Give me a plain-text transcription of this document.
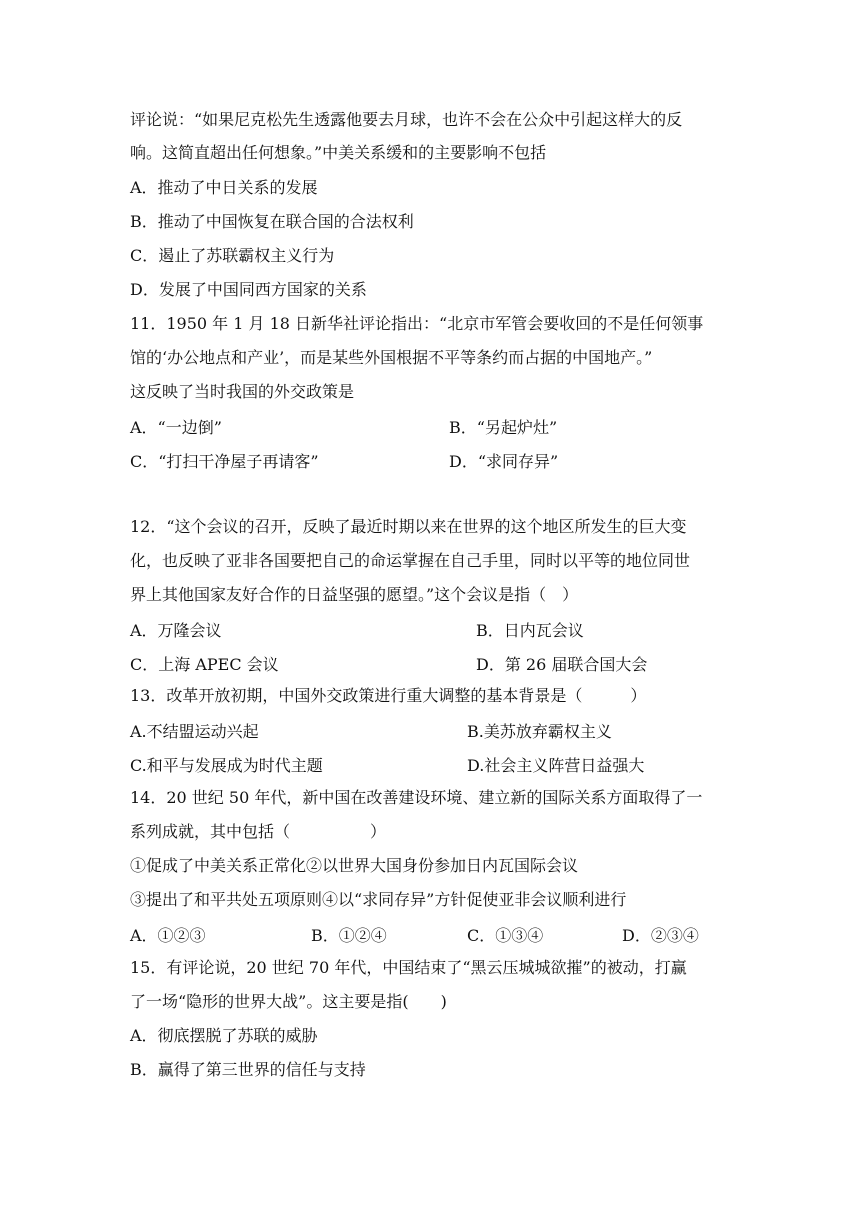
评论说：“如果尼克松先生透露他要去月球，也许不会在公众中引起这样大的反
响。这简直超出任何想象。”中美关系缓和的主要影响不包括
A．推动了中日关系的发展
B．推动了中国恢复在联合国的合法权利
C．遏止了苏联霸权主义行为
D．发展了中国同西方国家的关系
11．1950 年 1 月 18 日新华社评论指出：“北京市军管会要收回的不是任何领事
馆的‘办公地点和产业’，而是某些外国根据不平等条约而占据的中国地产。”
这反映了当时我国的外交政策是
A．“一边倒”	B．“另起炉灶”
C．“打扫干净屋子再请客”	D．“求同存异”
12．“这个会议的召开，反映了最近时期以来在世界的这个地区所发生的巨大变
化，也反映了亚非各国要把自己的命运掌握在自己手里，同时以平等的地位同世
界上其他国家友好合作的日益坚强的愿望。”这个会议是指（　）
A．万隆会议	B．日内瓦会议
C．上海 APEC 会议	D．第 26 届联合国大会
13．改革开放初期，中国外交政策进行重大调整的基本背景是（　　　）
A.不结盟运动兴起	B.美苏放弃霸权主义
C.和平与发展成为时代主题	D.社会主义阵营日益强大
14．20 世纪 50 年代，新中国在改善建设环境、建立新的国际关系方面取得了一
系列成就，其中包括（　　　　　）
①促成了中美关系正常化②以世界大国身份参加日内瓦国际会议
③提出了和平共处五项原则④以“求同存异”方针促使亚非会议顺利进行
A．①②③	B．①②④	C．①③④	D．②③④
15．有评论说，20 世纪 70 年代，中国结束了“黑云压城城欲摧”的被动，打赢
了一场“隐形的世界大战”。这主要是指(　　)
A．彻底摆脱了苏联的威胁
B．赢得了第三世界的信任与支持
